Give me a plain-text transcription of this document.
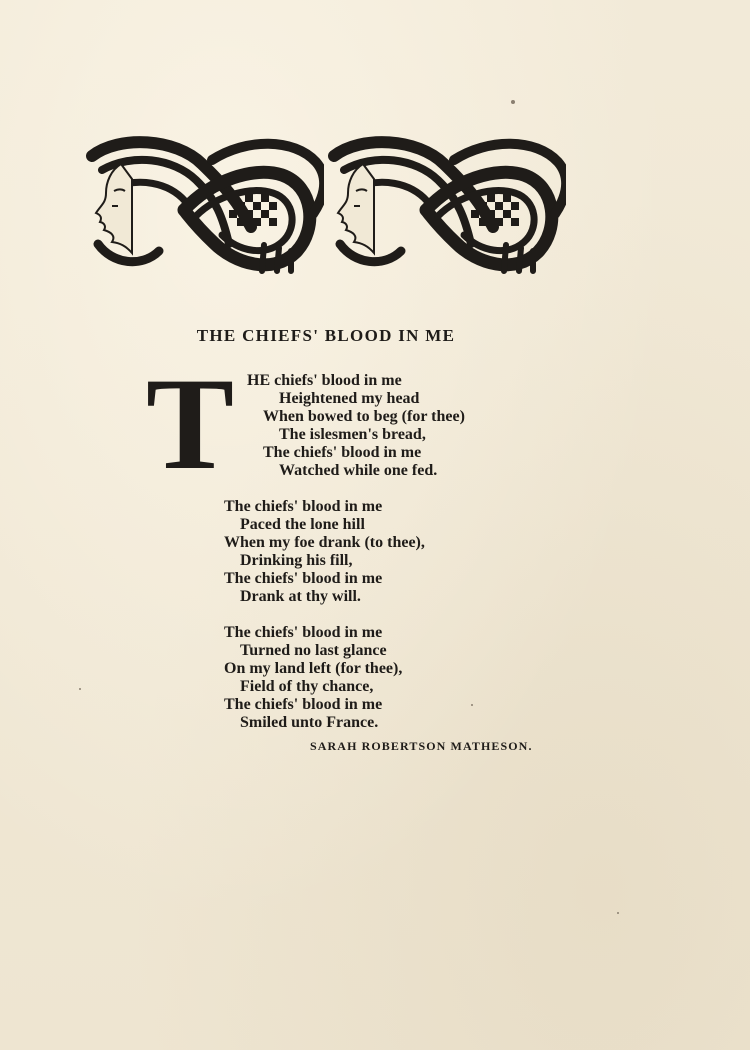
THE CHIEFS' BLOOD IN ME
T HE chiefs' blood in me
Heightened my head
When bowed to beg (for thee)
The islesmen's bread,
The chiefs' blood in me
Watched while one fed.
The chiefs' blood in me
Paced the lone hill
When my foe drank (to thee),
Drinking his fill,
The chiefs' blood in me
Drank at thy will.
The chiefs' blood in me
Turned no last glance
On my land left (for thee),
Field of thy chance,
The chiefs' blood in me
Smiled unto France.
SARAH ROBERTSON MATHESON.
